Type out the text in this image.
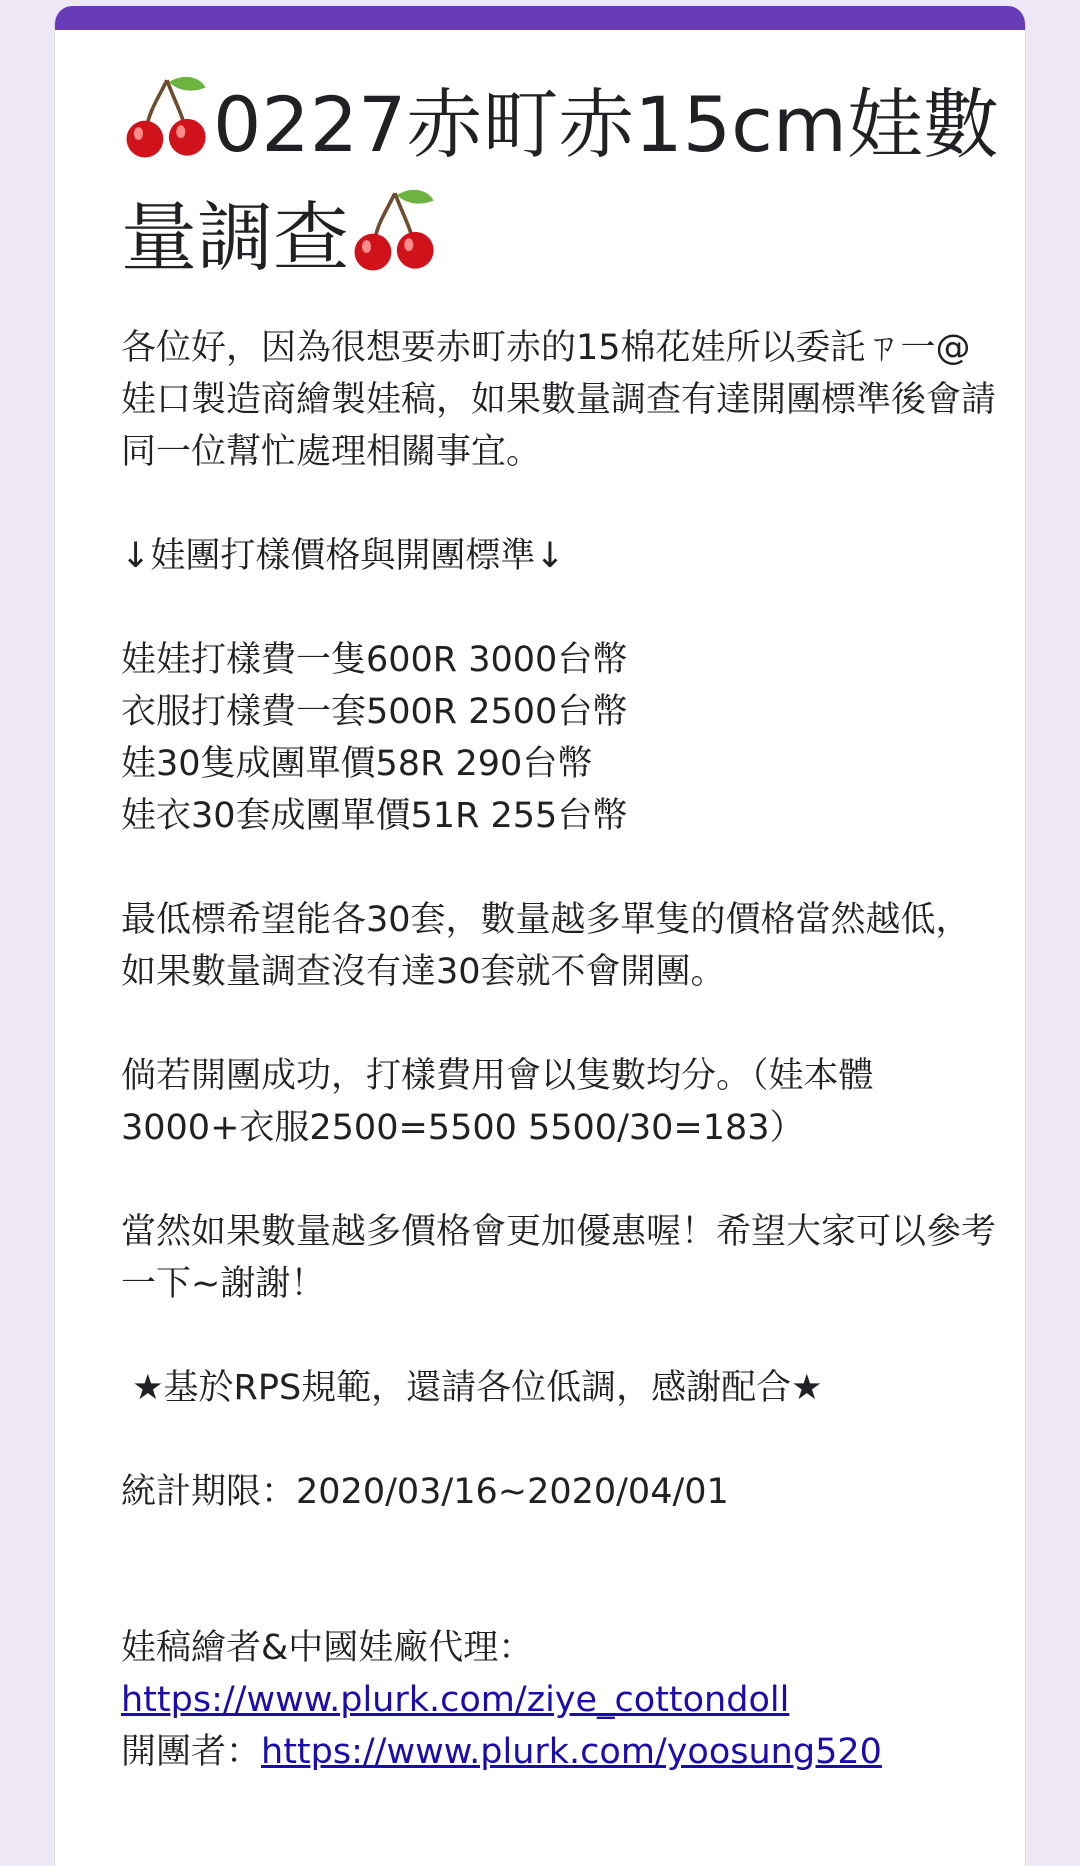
0227赤町赤15cm娃數量調查

各位好，因為很想要赤町赤的15棉花娃所以委託ㄗ一@娃口製造商繪製娃稿，如果數量調查有達開團標準後會請同一位幫忙處理相關事宜。

↓娃團打樣價格與開團標準↓

娃娃打樣費一隻600R 3000台幣

衣服打樣費一套500R 2500台幣

娃30隻成團單價58R 290台幣

娃衣30套成團單價51R 255台幣

最低標希望能各30套，數量越多單隻的價格當然越低，如果數量調查沒有達30套就不會開團。

倘若開團成功，打樣費用會以隻數均分。（娃本體3000+衣服2500=5500 5500/30=183）

當然如果數量越多價格會更加優惠喔！希望大家可以參考一下~謝謝！

★基於RPS規範，還請各位低調，感謝配合★

統計期限：2020/03/16~2020/04/01

娃稿繪者&中國娃廠代理：

https://www.plurk.com/ziye_cottondoll

開團者：https://www.plurk.com/yoosung520
